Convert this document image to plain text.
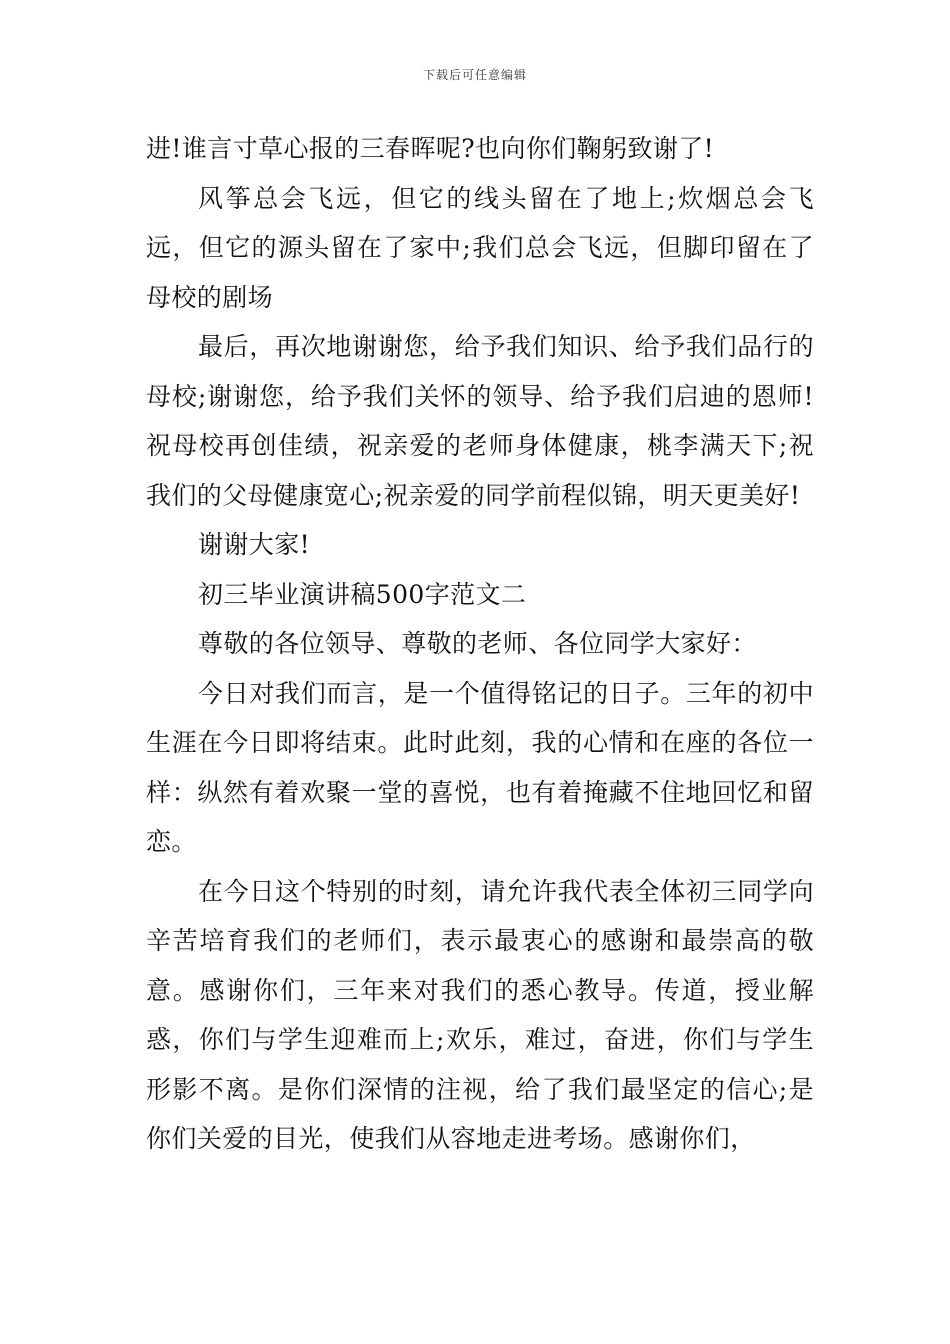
下载后可任意编辑

进!谁言寸草心报的三春晖呢?也向你们鞠躬致谢了!

风筝总会飞远，但它的线头留在了地上;炊烟总会飞远，但它的源头留在了家中;我们总会飞远，但脚印留在了母校的剧场

最后，再次地谢谢您，给予我们知识、给予我们品行的母校;谢谢您，给予我们关怀的领导、给予我们启迪的恩师!祝母校再创佳绩，祝亲爱的老师身体健康，桃李满天下;祝我们的父母健康宽心;祝亲爱的同学前程似锦，明天更美好!

谢谢大家!

初三毕业演讲稿500字范文二

尊敬的各位领导、尊敬的老师、各位同学大家好：

今日对我们而言，是一个值得铭记的日子。三年的初中生涯在今日即将结束。此时此刻，我的心情和在座的各位一样：纵然有着欢聚一堂的喜悦，也有着掩藏不住地回忆和留恋。

在今日这个特别的时刻，请允许我代表全体初三同学向辛苦培育我们的老师们，表示最衷心的感谢和最崇高的敬意。感谢你们，三年来对我们的悉心教导。传道，授业解惑，你们与学生迎难而上;欢乐，难过，奋进，你们与学生形影不离。是你们深情的注视，给了我们最坚定的信心;是你们关爱的目光，使我们从容地走进考场。感谢你们，
